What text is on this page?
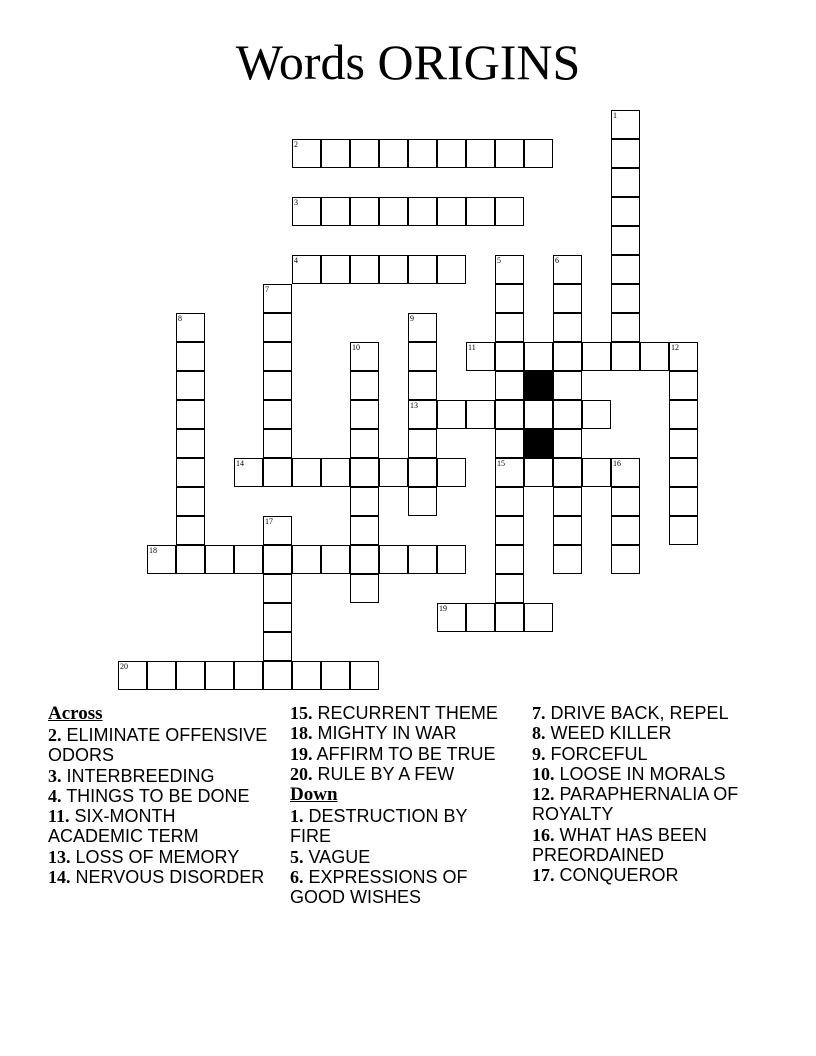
Words ORIGINS
1
2
3
4	5
15
6
7
8	9
13
10	11	12
14	16
17
18
19
20
Across
2. ELIMINATE OFFENSIVE ODORS
3. INTERBREEDING
4. THINGS TO BE DONE
11. SIX-MONTH ACADEMIC TERM
13. LOSS OF MEMORY
14. NERVOUS DISORDER
15. RECURRENT THEME
18. MIGHTY IN WAR
19. AFFIRM TO BE TRUE
20. RULE BY A FEW
Down
1. DESTRUCTION BY FIRE
5. VAGUE
6. EXPRESSIONS OF GOOD WISHES
7. DRIVE BACK, REPEL
8. WEED KILLER
9. FORCEFUL
10. LOOSE IN MORALS
12. PARAPHERNALIA OF ROYALTY
16. WHAT HAS BEEN PREORDAINED
17. CONQUEROR
